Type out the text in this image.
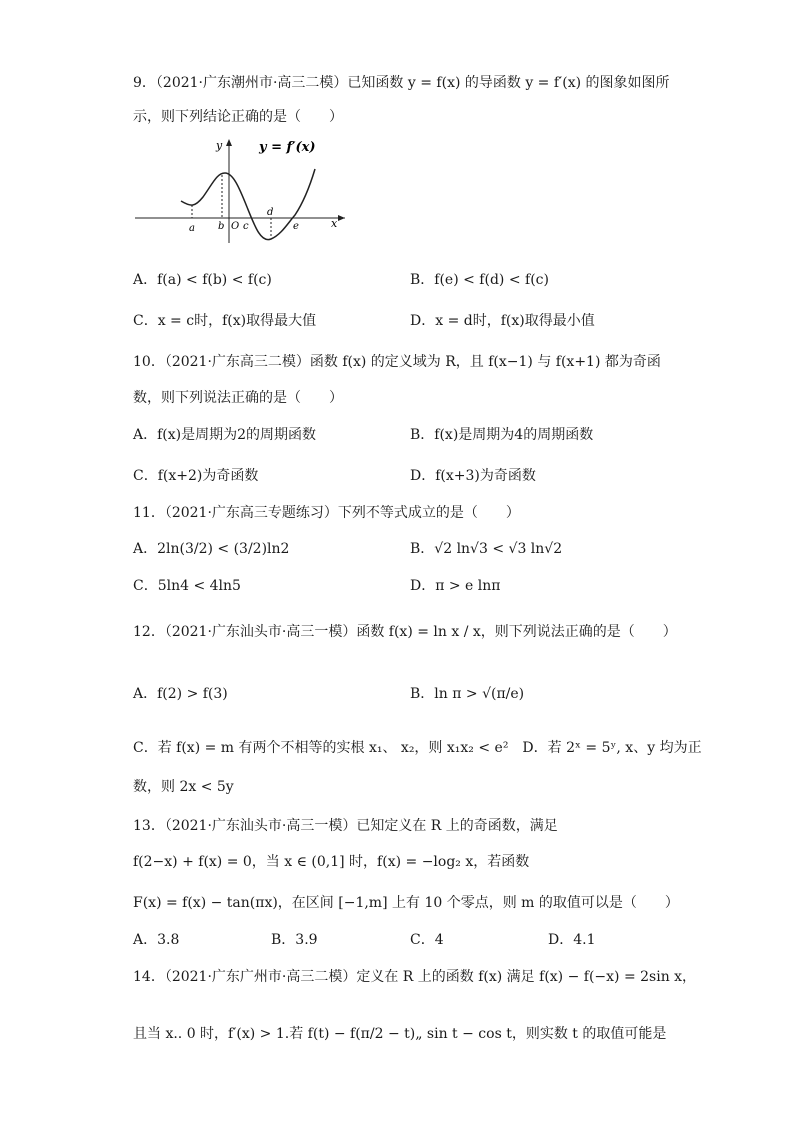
9．（2021·广东潮州市·高三二模）已知函数 y = f(x) 的导函数 y = f′(x) 的图象如图所
示，则下列结论正确的是（　　）
y = f′(x)
y
x
a b O c
d
e
A．f(a) < f(b) < f(c)	B．f(e) < f(d) < f(c)
C．x = c时，f(x)取得最大值	D．x = d时，f(x)取得最小值
10．（2021·广东高三二模）函数 f(x) 的定义域为 R，且 f(x−1) 与 f(x+1) 都为奇函
数，则下列说法正确的是（　　）
A．f(x)是周期为2的周期函数	B．f(x)是周期为4的周期函数
C．f(x+2)为奇函数	D．f(x+3)为奇函数
11．（2021·广东高三专题练习）下列不等式成立的是（　　）
A．2ln(3/2) < (3/2)ln2	B．√2 ln√3 < √3 ln√2
C．5ln4 < 4ln5	D．π > e lnπ
12．（2021·广东汕头市·高三一模）函数 f(x) = ln x / x，则下列说法正确的是（　　）
A．f(2) > f(3)	B．ln π > √(π/e)
C．若 f(x) = m 有两个不相等的实根 x₁、 x₂，则 x₁x₂ < e²　D．若 2ˣ = 5ʸ, x、y 均为正
数，则 2x < 5y
13．（2021·广东汕头市·高三一模）已知定义在 R 上的奇函数，满足
f(2−x) + f(x) = 0，当 x ∈ (0,1] 时，f(x) = −log₂ x，若函数
F(x) = f(x) − tan(πx)，在区间 [−1,m] 上有 10 个零点，则 m 的取值可以是（　　）
A．3.8	B．3.9	C．4	D．4.1
14．（2021·广东广州市·高三二模）定义在 R 上的函数 f(x) 满足 f(x) − f(−x) = 2sin x，
且当 x.. 0 时，f′(x) > 1.若 f(t) − f(π/2 − t)„ sin t − cos t，则实数 t 的取值可能是
